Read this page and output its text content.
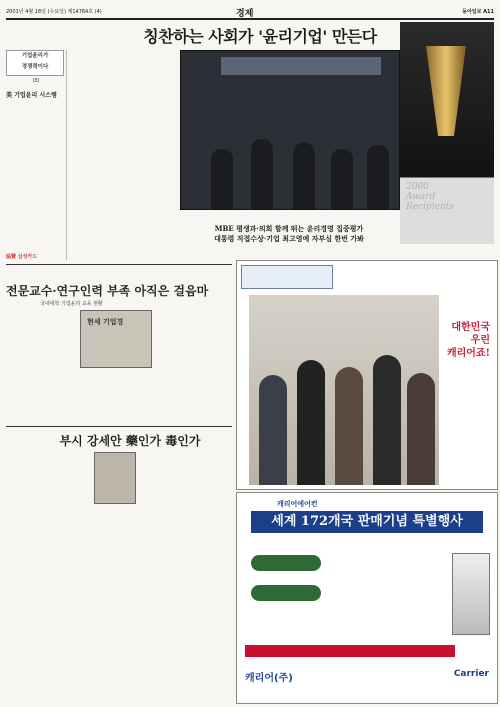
2001년 4월 18일 (수요일) 제14764호 (4)	경제	동아일보 A11
칭찬하는 사회가 '윤리기업' 만든다
기업윤리가
경쟁력이다
(3)
美 기업윤리 시스템
協贊 삼성카드
MBE 평생과·의회 함께 뛰는 윤리경영 집중평가
대통령 직접수상·기업 최고영예 자부심 한번 가봐
2000
Award
Recipients
전문교수·연구인력 부족 아직은 걸음마
국내대학 기업윤리 교육 현황
현세 기업경
부시 강세안 藥인가 毒인가
대한민국
우린
캐리어죠!
캐리어에어컨
세계 172개국 판매기념 특별행사
캐리어(주)	Carrier
